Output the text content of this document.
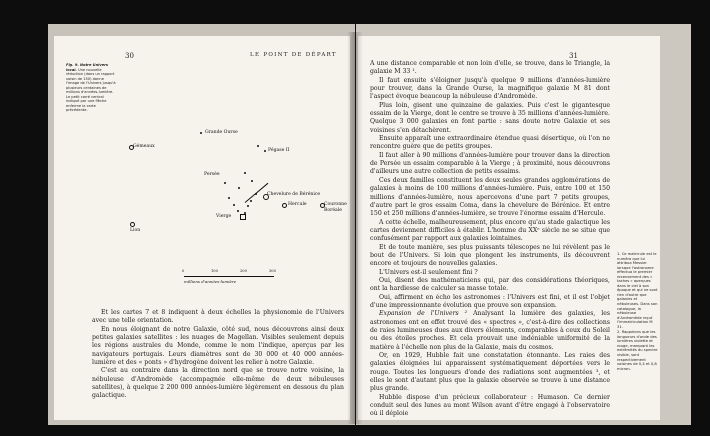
30	LE POINT DE DÉPART
Fig. 9. Notre Univers local. Une nouvelle réduction (dans un rapport voisin de 150) donne l'image de l'Univers jusqu'à plusieurs centaines de millions d'années-lumière. Le petit carré central indiqué par une flèche enferme la carte précédente.
Gémeaux
Grande Ourse
Pégase II
Persée
Vierge
Chevelure de Bérénice
Hercule	Couronne Boréale
Lion
0	100	200	300
millions d'années-lumière

Et les cartes 7 et 8 indiquent à deux échelles la physionomie de l'Univers avec une telle orientation.

En nous éloignant de notre Galaxie, côté sud, nous découvrons ainsi deux petites galaxies satellites : les nuages de Magellan. Visibles seulement depuis les régions australes du Monde, comme le nom l'indique, aperçus par les navigateurs portugais. Leurs diamètres sont de 30 000 et 40 000 années-lumière et des « ponts » d'hydrogène doivent les relier à notre Galaxie.

C'est au contraire dans la direction nord que se trouve notre voisine, la nébuleuse d'Andromède (accompagnée elle-même de deux nébuleuses satellites), à quelque 2 200 000 années-lumière légèrement en dessous du plan galactique.

31

A une distance comparable et non loin d'elle, se trouve, dans le Triangle, la galaxie M 33 ¹.

Il faut ensuite s'éloigner jusqu'à quelque 9 millions d'années-lumière pour trouver, dans la Grande Ourse, la magnifique galaxie M 81 dont l'aspect évoque beaucoup la nébuleuse d'Andromède.

Plus loin, gisent une quinzaine de galaxies. Puis c'est le gigantesque essaim de la Vierge, dont le centre se trouve à 35 millions d'années-lumière. Quelque 3 000 galaxies en font partie : sans doute notre Galaxie et ses voisines s'en détachèrent.

Ensuite apparaît une extraordinaire étendue quasi désertique, où l'on ne rencontre guère que de petits groupes.

Il faut aller à 90 millions d'années-lumière pour trouver dans la direction de Persée un essaim comparable à la Vierge ; à proximité, nous découvrons d'ailleurs une autre collection de petits essaims.

Ces deux familles constituent les deux seules grandes agglomérations de galaxies à moins de 100 millions d'années-lumière. Puis, entre 100 et 150 millions d'années-lumière, nous apercevons d'une part 7 petits groupes, d'autre part le gros essaim Coma, dans la chevelure de Bérénice. Et entre 150 et 250 millions d'années-lumière, se trouve l'énorme essaim d'Hercule.

A cette échelle, malheureusement, plus encore qu'au stade galactique les cartes deviennent difficiles à établir. L'homme du XXᵉ siècle ne se situe que confusément par rapport aux galaxies lointaines.

Et de toute manière, ses plus puissants télescopes ne lui révèlent pas le bout de l'Univers. Si loin que plongent les instruments, ils découvrent encore et toujours de nouvelles galaxies.

L'Univers est-il seulement fini ?

Oui, disent des mathématiciens qui, par des considérations théoriques, ont la hardiesse de calculer sa masse totale.

Oui, affirment en écho les astronomes : l'Univers est fini, et il est l'objet d'une impressionnante évolution que prouve son expansion.

Expansion de l'Univers ² Analysant la lumière des galaxies, les astronomes ont en effet trouvé des « spectres », c'est-à-dire des collections de raies lumineuses dues aux divers éléments, comparables à ceux du Soleil ou des étoiles proches. Et cela prouvait une indéniable uniformité de la matière à l'échelle non plus de la Galaxie, mais du cosmos.

Or, en 1929, Hubble fait une constatation étonnante. Les raies des galaxies éloignées lui apparaissent systématiquement déportées vers le rouge. Toutes les longueurs d'onde des radiations sont augmentées ³, et elles le sont d'autant plus que la galaxie observée se trouve à une distance plus grande.

Hubble dispose d'un précieux collaborateur : Humason. Ce dernier conduit seul des lunes au mont Wilson avant d'être engagé à l'observatoire où il déploie

1. Ce matricule est le numéro que lui attribua Messier lorsque l'astronome effectua le premier recensement des « taches » aperçues dans le ciel à son époque et qui ne sont rien d'autre que galaxies et nébuleuses. Dans son catalogue, la nébuleuse d'Andromède reçut l'immatriculation M 31.

2. Rappelons que les longueurs d'onde des lumières violette et rouge, marquant les extrémités du spectre visible, sont respectivement voisines de 0,4 et 0,8 micron.
